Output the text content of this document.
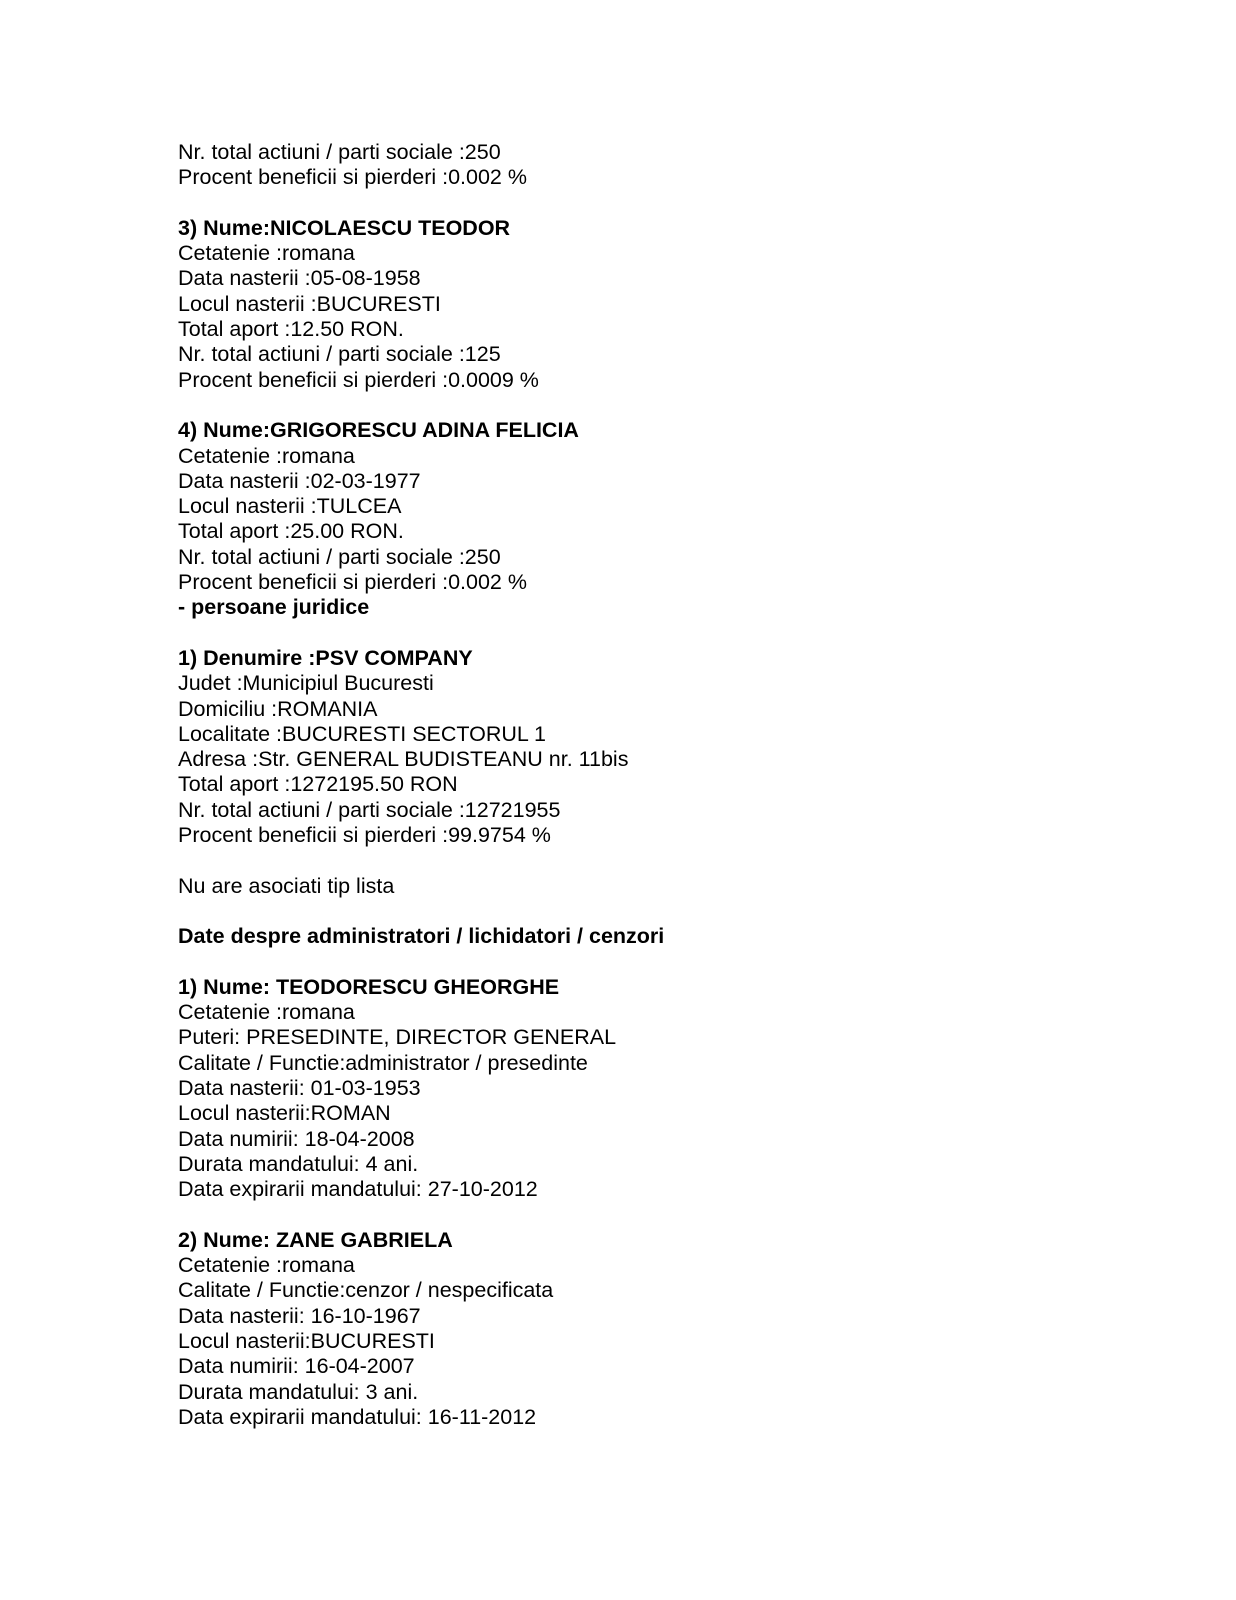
Nr. total actiuni / parti sociale :250
Procent beneficii si pierderi :0.002 %
3) Nume:NICOLAESCU TEODOR
Cetatenie :romana
Data nasterii :05-08-1958
Locul nasterii :BUCURESTI
Total aport :12.50 RON.
Nr. total actiuni / parti sociale :125
Procent beneficii si pierderi :0.0009 %
4) Nume:GRIGORESCU ADINA FELICIA
Cetatenie :romana
Data nasterii :02-03-1977
Locul nasterii :TULCEA
Total aport :25.00 RON.
Nr. total actiuni / parti sociale :250
Procent beneficii si pierderi :0.002 %
- persoane juridice
1) Denumire :PSV COMPANY
Judet :Municipiul Bucuresti
Domiciliu :ROMANIA
Localitate :BUCURESTI SECTORUL 1
Adresa :Str. GENERAL BUDISTEANU nr. 11bis
Total aport :1272195.50 RON
Nr. total actiuni / parti sociale :12721955
Procent beneficii si pierderi :99.9754 %
Nu are asociati tip lista
Date despre administratori / lichidatori / cenzori
1) Nume: TEODORESCU GHEORGHE
Cetatenie :romana
Puteri: PRESEDINTE, DIRECTOR GENERAL
Calitate / Functie:administrator / presedinte
Data nasterii: 01-03-1953
Locul nasterii:ROMAN
Data numirii: 18-04-2008
Durata mandatului: 4 ani.
Data expirarii mandatului: 27-10-2012
2) Nume: ZANE GABRIELA
Cetatenie :romana
Calitate / Functie:cenzor / nespecificata
Data nasterii: 16-10-1967
Locul nasterii:BUCURESTI
Data numirii: 16-04-2007
Durata mandatului: 3 ani.
Data expirarii mandatului: 16-11-2012
